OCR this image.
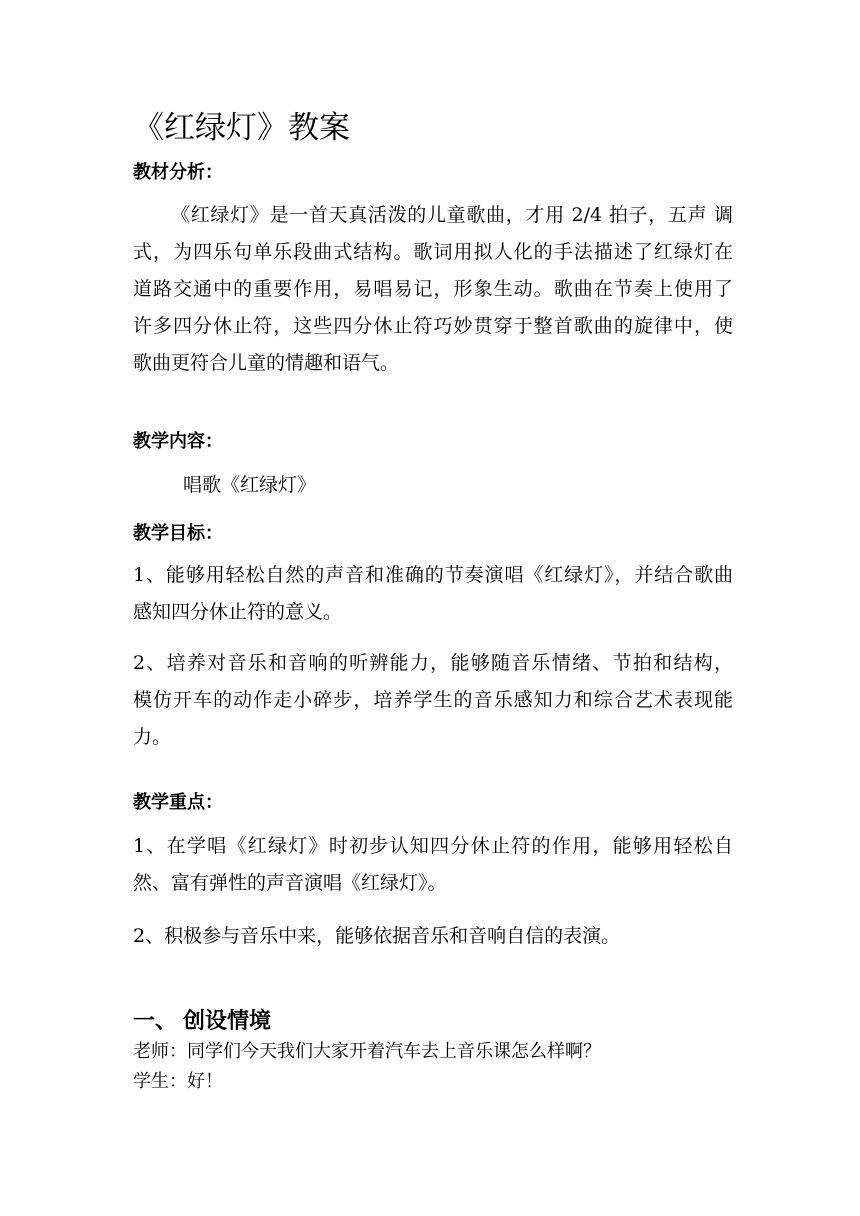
《红绿灯》教案
教材分析：
《红绿灯》是一首天真活泼的儿童歌曲，才用 2/4 拍子，五声 调
式，为四乐句单乐段曲式结构。歌词用拟人化的手法描述了红绿灯在
道路交通中的重要作用，易唱易记，形象生动。歌曲在节奏上使用了
许多四分休止符，这些四分休止符巧妙贯穿于整首歌曲的旋律中，使
歌曲更符合儿童的情趣和语气。
教学内容：
唱歌《红绿灯》
教学目标：
1、能够用轻松自然的声音和准确的节奏演唱《红绿灯》，并结合歌曲
感知四分休止符的意义。
2、培养对音乐和音响的听辨能力，能够随音乐情绪、节拍和结构，
模仿开车的动作走小碎步，培养学生的音乐感知力和综合艺术表现能
力。
教学重点：
1、在学唱《红绿灯》时初步认知四分休止符的作用，能够用轻松自
然、富有弹性的声音演唱《红绿灯》。
2、积极参与音乐中来，能够依据音乐和音响自信的表演。
一、 创设情境
老师：同学们今天我们大家开着汽车去上音乐课怎么样啊？
学生：好！
